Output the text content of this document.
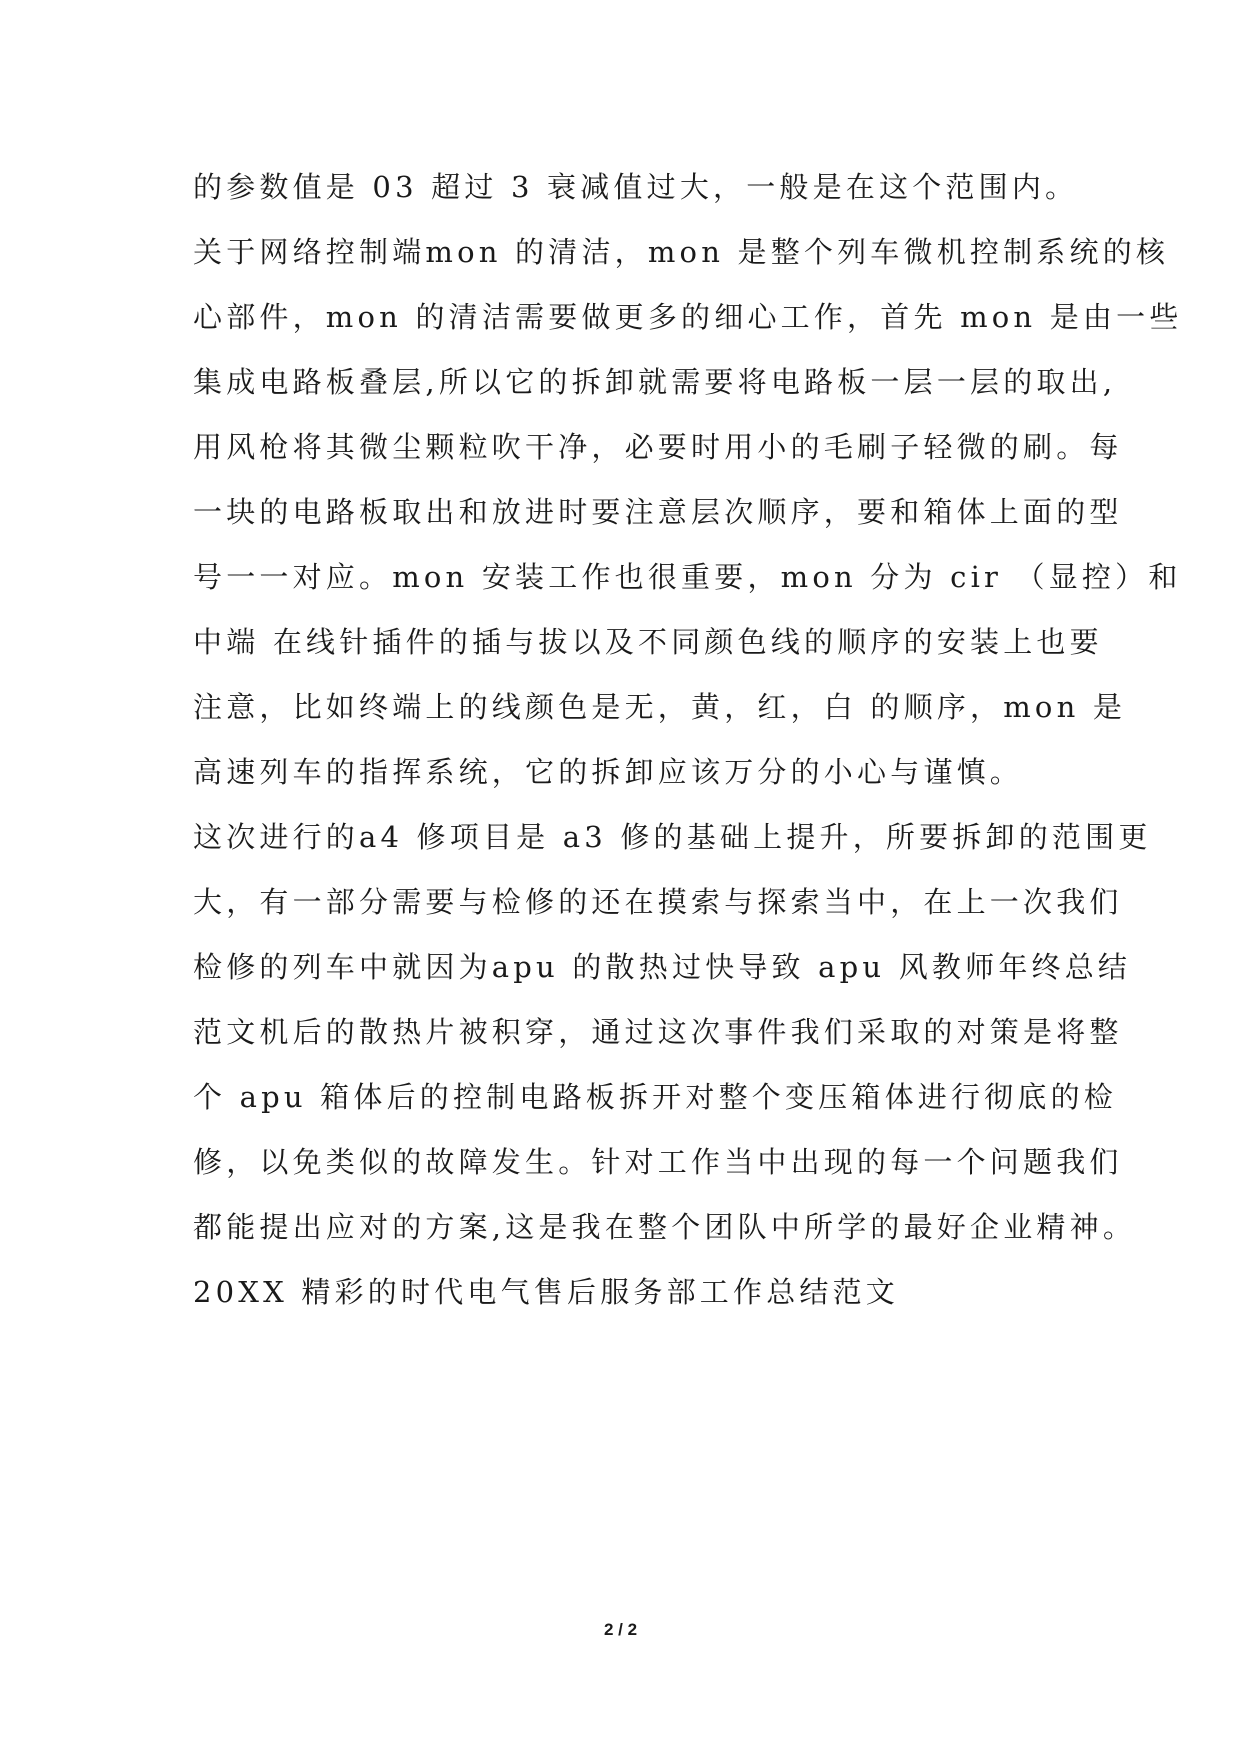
的参数值是 03 超过 3 衰减值过大，一般是在这个范围内。
关于网络控制端mon 的清洁，mon 是整个列车微机控制系统的核
心部件，mon 的清洁需要做更多的细心工作，首先 mon 是由一些
集成电路板叠层,所以它的拆卸就需要将电路板一层一层的取出,
用风枪将其微尘颗粒吹干净，必要时用小的毛刷子轻微的刷。每
一块的电路板取出和放进时要注意层次顺序，要和箱体上面的型
号一一对应。mon 安装工作也很重要，mon 分为 cir （显控）和
中端 在线针插件的插与拔以及不同颜色线的顺序的安装上也要
注意，比如终端上的线颜色是无，黄，红，白 的顺序，mon 是
高速列车的指挥系统，它的拆卸应该万分的小心与谨慎。
这次进行的a4 修项目是 a3 修的基础上提升，所要拆卸的范围更
大，有一部分需要与检修的还在摸索与探索当中，在上一次我们
检修的列车中就因为apu 的散热过快导致 apu 风教师年终总结
范文机后的散热片被积穿，通过这次事件我们采取的对策是将整
个 apu 箱体后的控制电路板拆开对整个变压箱体进行彻底的检
修，以免类似的故障发生。针对工作当中出现的每一个问题我们
都能提出应对的方案,这是我在整个团队中所学的最好企业精神。
20XX 精彩的时代电气售后服务部工作总结范文
2 / 2
